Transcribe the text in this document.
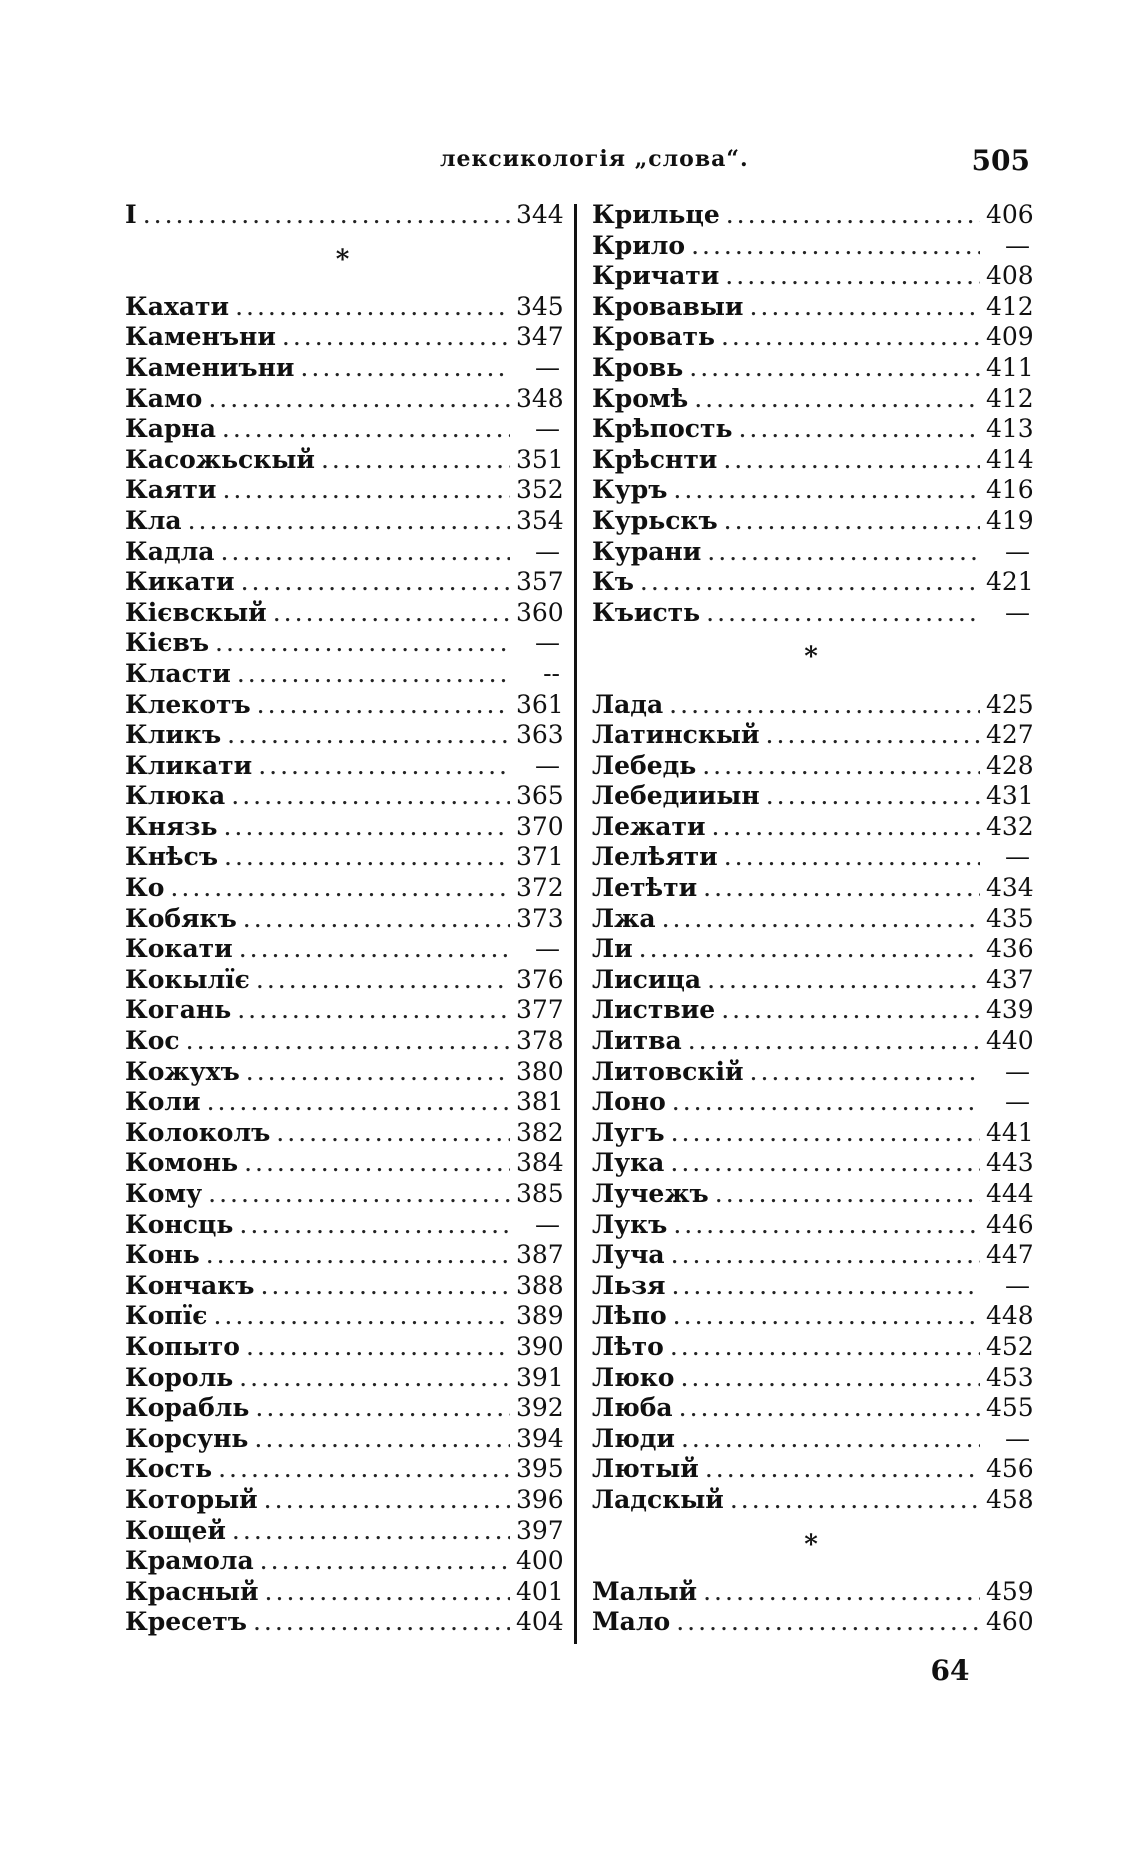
лексикологія „слова“.	505
І .....	344
*
Кахати .....	345
Каменъни .....	347
Камениъни .....	—
Камо .....	348
Карна .....	—
Касожьскый .....	351
Каяти .....	352
Кла .....	354
Кадла .....	—
Кикати .....	357
Кієвскый .....	360
Кієвъ .....	—
Класти .....	--
Клекотъ .....	361
Кликъ .....	363
Кликати .....	—
Клюка .....	365
Князь .....	370
Кнѣсъ .....	371
Ко .....	372
Кобякъ .....	373
Кокати .....	—
Кокылїє .....	376
Когань .....	377
Кос .....	378
Кожухъ .....	380
Коли .....	381
Колоколъ .....	382
Комонь .....	384
Кому .....	385
Консць .....	—
Конь .....	387
Кончакъ .....	388
Копїє .....	389
Копыто .....	390
Король .....	391
Корабль .....	392
Корсунь .....	394
Кость .....	395
Который .....	396
Кощей .....	397
Крамола .....	400
Красный .....	401
Кресетъ .....	404
Крильце .....	406
Крило .....	—
Кричати .....	408
Кровавыи .....	412
Кровать .....	409
Кровь .....	411
Кромѣ .....	412
Крѣпость .....	413
Крѣснти .....	414
Куръ .....	416
Курьскъ .....	419
Курани .....	—
Къ .....	421
Къисть .....	—
*
Лада .....	425
Латинскый .....	427
Лебедь .....	428
Лебедииын .....	431
Лежати .....	432
Лелѣяти .....	—
Летѣти .....	434
Лжа .....	435
Ли .....	436
Лисица .....	437
Листвие .....	439
Литва .....	440
Литовскій .....	—
Лоно .....	—
Лугъ .....	441
Лука .....	443
Лучежъ .....	444
Лукъ .....	446
Луча .....	447
Льзя .....	—
Лѣпо .....	448
Лѣто .....	452
Люко .....	453
Люба .....	455
Люди .....	—
Лютый .....	456
Ладскый .....	458
*
Малый .....	459
Мало .....	460
64
